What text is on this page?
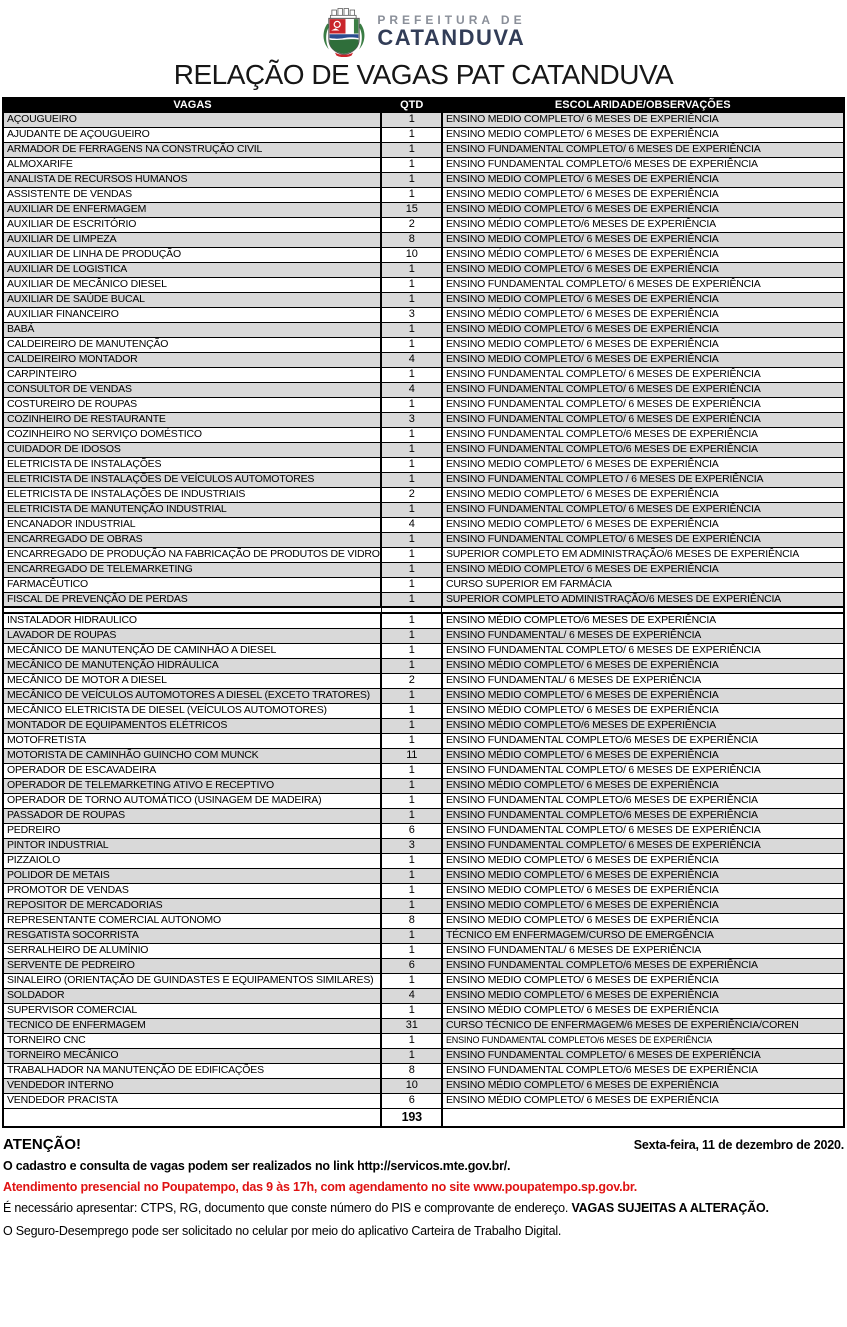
PREFEITURA DE
CATANDUVA
RELAÇÃO DE VAGAS PAT CATANDUVA
VAGAS	QTD	ESCOLARIDADE/OBSERVAÇÕES
AÇOUGUEIRO	1	ENSINO MEDIO COMPLETO/ 6 MESES DE EXPERIÊNCIA
AJUDANTE DE AÇOUGUEIRO	1	ENSINO MEDIO COMPLETO/ 6 MESES DE EXPERIÊNCIA
ARMADOR DE FERRAGENS NA CONSTRUÇÃO CIVIL	1	ENSINO FUNDAMENTAL COMPLETO/ 6 MESES DE EXPERIÊNCIA
ALMOXARIFE	1	ENSINO FUNDAMENTAL COMPLETO/6 MESES DE EXPERIÊNCIA
ANALISTA DE RECURSOS HUMANOS	1	ENSINO MEDIO COMPLETO/ 6 MESES DE EXPERIÊNCIA
ASSISTENTE DE VENDAS	1	ENSINO MEDIO COMPLETO/ 6 MESES DE EXPERIÊNCIA
AUXILIAR DE ENFERMAGEM	15	ENSINO MÉDIO COMPLETO/ 6 MESES DE EXPERIÊNCIA
AUXILIAR DE ESCRITÓRIO	2	ENSINO MÉDIO COMPLETO/6 MESES DE EXPERIÊNCIA
AUXILIAR DE LIMPEZA	8	ENSINO MEDIO COMPLETO/ 6 MESES DE EXPERIÊNCIA
AUXILIAR DE LINHA DE PRODUÇÃO	10	ENSINO MÉDIO COMPLETO/ 6 MESES DE EXPERIÊNCIA
AUXILIAR DE LOGISTICA	1	ENSINO MEDIO COMPLETO/ 6 MESES DE EXPERIÊNCIA
AUXILIAR DE MECÂNICO DIESEL	1	ENSINO FUNDAMENTAL COMPLETO/ 6 MESES DE EXPERIÊNCIA
AUXILIAR DE SAÚDE BUCAL	1	ENSINO MEDIO COMPLETO/ 6 MESES DE EXPERIÊNCIA
AUXILIAR FINANCEIRO	3	ENSINO MÉDIO COMPLETO/ 6 MESES DE EXPERIÊNCIA
BABÁ	1	ENSINO MÉDIO COMPLETO/ 6 MESES DE EXPERIÊNCIA
CALDEIREIRO DE MANUTENÇÃO	1	ENSINO MEDIO COMPLETO/ 6 MESES DE EXPERIÊNCIA
CALDEIREIRO MONTADOR	4	ENSINO MEDIO COMPLETO/ 6 MESES DE EXPERIÊNCIA
CARPINTEIRO	1	ENSINO FUNDAMENTAL COMPLETO/ 6 MESES DE EXPERIÊNCIA
CONSULTOR DE VENDAS	4	ENSINO FUNDAMENTAL COMPLETO/ 6 MESES DE EXPERIÊNCIA
COSTUREIRO DE ROUPAS	1	ENSINO FUNDAMENTAL COMPLETO/ 6 MESES DE EXPERIÊNCIA
COZINHEIRO DE RESTAURANTE	3	ENSINO FUNDAMENTAL COMPLETO/ 6 MESES DE EXPERIÊNCIA
COZINHEIRO NO SERVIÇO DOMÉSTICO	1	ENSINO FUNDAMENTAL COMPLETO/6 MESES DE EXPERIÊNCIA
CUIDADOR DE IDOSOS	1	ENSINO FUNDAMENTAL COMPLETO/6 MESES DE EXPERIÊNCIA
ELETRICISTA DE INSTALAÇÕES	1	ENSINO MEDIO COMPLETO/ 6 MESES DE EXPERIÊNCIA
ELETRICISTA DE INSTALAÇÕES DE VEÍCULOS AUTOMOTORES	1	ENSINO FUNDAMENTAL COMPLETO / 6 MESES DE EXPERIÊNCIA
ELETRICISTA DE INSTALAÇÕES DE INDUSTRIAIS	2	ENSINO MEDIO COMPLETO/ 6 MESES DE EXPERIÊNCIA
ELETRICISTA DE MANUTENÇÃO INDUSTRIAL	1	ENSINO FUNDAMENTAL COMPLETO/ 6 MESES DE EXPERIÊNCIA
ENCANADOR INDUSTRIAL	4	ENSINO MEDIO COMPLETO/ 6 MESES DE EXPERIÊNCIA
ENCARREGADO DE OBRAS	1	ENSINO FUNDAMENTAL COMPLETO/ 6 MESES DE EXPERIÊNCIA
ENCARREGADO DE PRODUÇÃO NA FABRICAÇÃO DE PRODUTOS DE VIDRO	1	SUPERIOR COMPLETO EM ADMINISTRAÇÃO/6 MESES DE EXPERIÊNCIA
ENCARREGADO DE TELEMARKETING	1	ENSINO MÉDIO COMPLETO/ 6 MESES DE EXPERIÊNCIA
FARMACÊUTICO	1	CURSO SUPERIOR EM FARMÁCIA
FISCAL DE PREVENÇÃO DE PERDAS	1	SUPERIOR COMPLETO ADMINISTRAÇÃO/6 MESES DE EXPERIÊNCIA

INSTALADOR HIDRAULICO	1	ENSINO MÉDIO COMPLETO/6 MESES DE EXPERIÊNCIA
LAVADOR DE ROUPAS	1	ENSINO FUNDAMENTAL/ 6 MESES DE EXPERIÊNCIA
MECÂNICO DE MANUTENÇÃO DE CAMINHÃO A DIESEL	1	ENSINO FUNDAMENTAL COMPLETO/ 6 MESES DE EXPERIÊNCIA
MECÂNICO DE MANUTENÇÃO HIDRÁULICA	1	ENSINO MÉDIO COMPLETO/ 6 MESES DE EXPERIÊNCIA
MECÂNICO DE MOTOR A DIESEL	2	ENSINO FUNDAMENTAL/ 6 MESES DE EXPERIÊNCIA
MECÂNICO DE VEÍCULOS AUTOMOTORES A DIESEL (EXCETO TRATORES)	1	ENSINO MEDIO COMPLETO/ 6 MESES DE EXPERIÊNCIA
MECÂNICO ELETRICISTA DE DIESEL (VEÍCULOS AUTOMOTORES)	1	ENSINO MÉDIO COMPLETO/ 6 MESES DE EXPERIÊNCIA
MONTADOR DE EQUIPAMENTOS ELÉTRICOS	1	ENSINO MÉDIO COMPLETO/6 MESES DE EXPERIÊNCIA
MOTOFRETISTA	1	ENSINO FUNDAMENTAL COMPLETO/6 MESES DE EXPERIÊNCIA
MOTORISTA DE CAMINHÃO GUINCHO COM MUNCK	11	ENSINO MÉDIO COMPLETO/ 6 MESES DE EXPERIÊNCIA
OPERADOR DE ESCAVADEIRA	1	ENSINO FUNDAMENTAL COMPLETO/ 6 MESES DE EXPERIÊNCIA
OPERADOR DE TELEMARKETING ATIVO E RECEPTIVO	1	ENSINO MÉDIO COMPLETO/ 6 MESES DE EXPERIÊNCIA
OPERADOR DE TORNO AUTOMÁTICO (USINAGEM DE MADEIRA)	1	ENSINO FUNDAMENTAL COMPLETO/6 MESES DE EXPERIÊNCIA
PASSADOR DE ROUPAS	1	ENSINO FUNDAMENTAL COMPLETO/6 MESES DE EXPERIÊNCIA
PEDREIRO	6	ENSINO FUNDAMENTAL COMPLETO/ 6 MESES DE EXPERIÊNCIA
PINTOR INDUSTRIAL	3	ENSINO FUNDAMENTAL COMPLETO/ 6 MESES DE EXPERIÊNCIA
PIZZAIOLO	1	ENSINO MEDIO COMPLETO/ 6 MESES DE EXPERIÊNCIA
POLIDOR DE METAIS	1	ENSINO MEDIO COMPLETO/ 6 MESES DE EXPERIÊNCIA
PROMOTOR DE VENDAS	1	ENSINO MEDIO COMPLETO/ 6 MESES DE EXPERIÊNCIA
REPOSITOR DE MERCADORIAS	1	ENSINO MEDIO COMPLETO/ 6 MESES DE EXPERIÊNCIA
REPRESENTANTE COMERCIAL AUTONOMO	8	ENSINO MEDIO COMPLETO/ 6 MESES DE EXPERIÊNCIA
RESGATISTA SOCORRISTA	1	TÉCNICO EM ENFERMAGEM/CURSO DE EMERGÊNCIA
SERRALHEIRO DE ALUMÍNIO	1	ENSINO FUNDAMENTAL/ 6 MESES DE EXPERIÊNCIA
SERVENTE DE PEDREIRO	6	ENSINO FUNDAMENTAL COMPLETO/6 MESES DE EXPERIÊNCIA
SINALEIRO (ORIENTAÇÃO DE GUINDASTES E EQUIPAMENTOS SIMILARES)	1	ENSINO MEDIO COMPLETO/ 6 MESES DE EXPERIÊNCIA
SOLDADOR	4	ENSINO MEDIO COMPLETO/ 6 MESES DE EXPERIÊNCIA
SUPERVISOR COMERCIAL	1	ENSINO MÉDIO COMPLETO/ 6 MESES DE EXPERIÊNCIA
TECNICO DE ENFERMAGEM	31	CURSO TÉCNICO DE ENFERMAGEM/6 MESES DE EXPERIÊNCIA/COREN
TORNEIRO CNC	1	ENSINO FUNDAMENTAL COMPLETO/6 MESES DE EXPERIÊNCIA
TORNEIRO MECÂNICO	1	ENSINO FUNDAMENTAL COMPLETO/ 6 MESES DE EXPERIÊNCIA
TRABALHADOR NA MANUTENÇÃO DE EDIFICAÇÕES	8	ENSINO FUNDAMENTAL COMPLETO/6 MESES DE EXPERIÊNCIA
VENDEDOR INTERNO	10	ENSINO MÉDIO COMPLETO/ 6 MESES DE EXPERIÊNCIA
VENDEDOR PRACISTA	6	ENSINO MÉDIO COMPLETO/ 6 MESES DE EXPERIÊNCIA
	193	
ATENÇÃO!	Sexta-feira, 11 de dezembro de 2020.
O cadastro e consulta de vagas podem ser realizados no link http://servicos.mte.gov.br/.
Atendimento presencial no Poupatempo, das 9 às 17h, com agendamento no site www.poupatempo.sp.gov.br.
É necessário apresentar: CTPS, RG, documento que conste número do PIS e comprovante de endereço. VAGAS SUJEITAS A ALTERAÇÃO.
O Seguro-Desemprego pode ser solicitado no celular por meio do aplicativo Carteira de Trabalho Digital.
